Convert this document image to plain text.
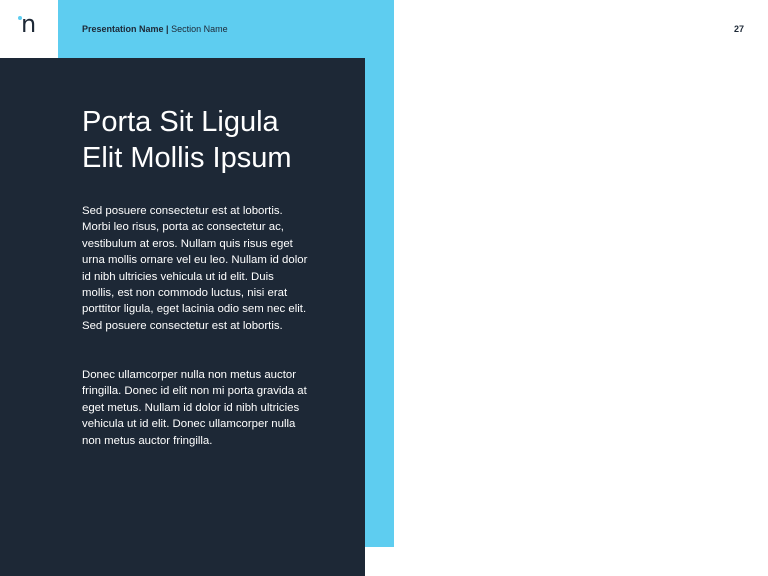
n	Presentation Name | Section Name	27
Porta Sit Ligula
Elit Mollis Ipsum

Sed posuere consectetur est at lobortis. Morbi leo risus, porta ac consectetur ac, vestibulum at eros. Nullam quis risus eget urna mollis ornare vel eu leo. Nullam id dolor id nibh ultricies vehicula ut id elit. Duis mollis, est non commodo luctus, nisi erat porttitor ligula, eget lacinia odio sem nec elit. Sed posuere consectetur est at lobortis.

Donec ullamcorper nulla non metus auctor fringilla. Donec id elit non mi porta gravida at eget metus. Nullam id dolor id nibh ultricies vehicula ut id elit. Donec ullamcorper nulla non metus auctor fringilla.
